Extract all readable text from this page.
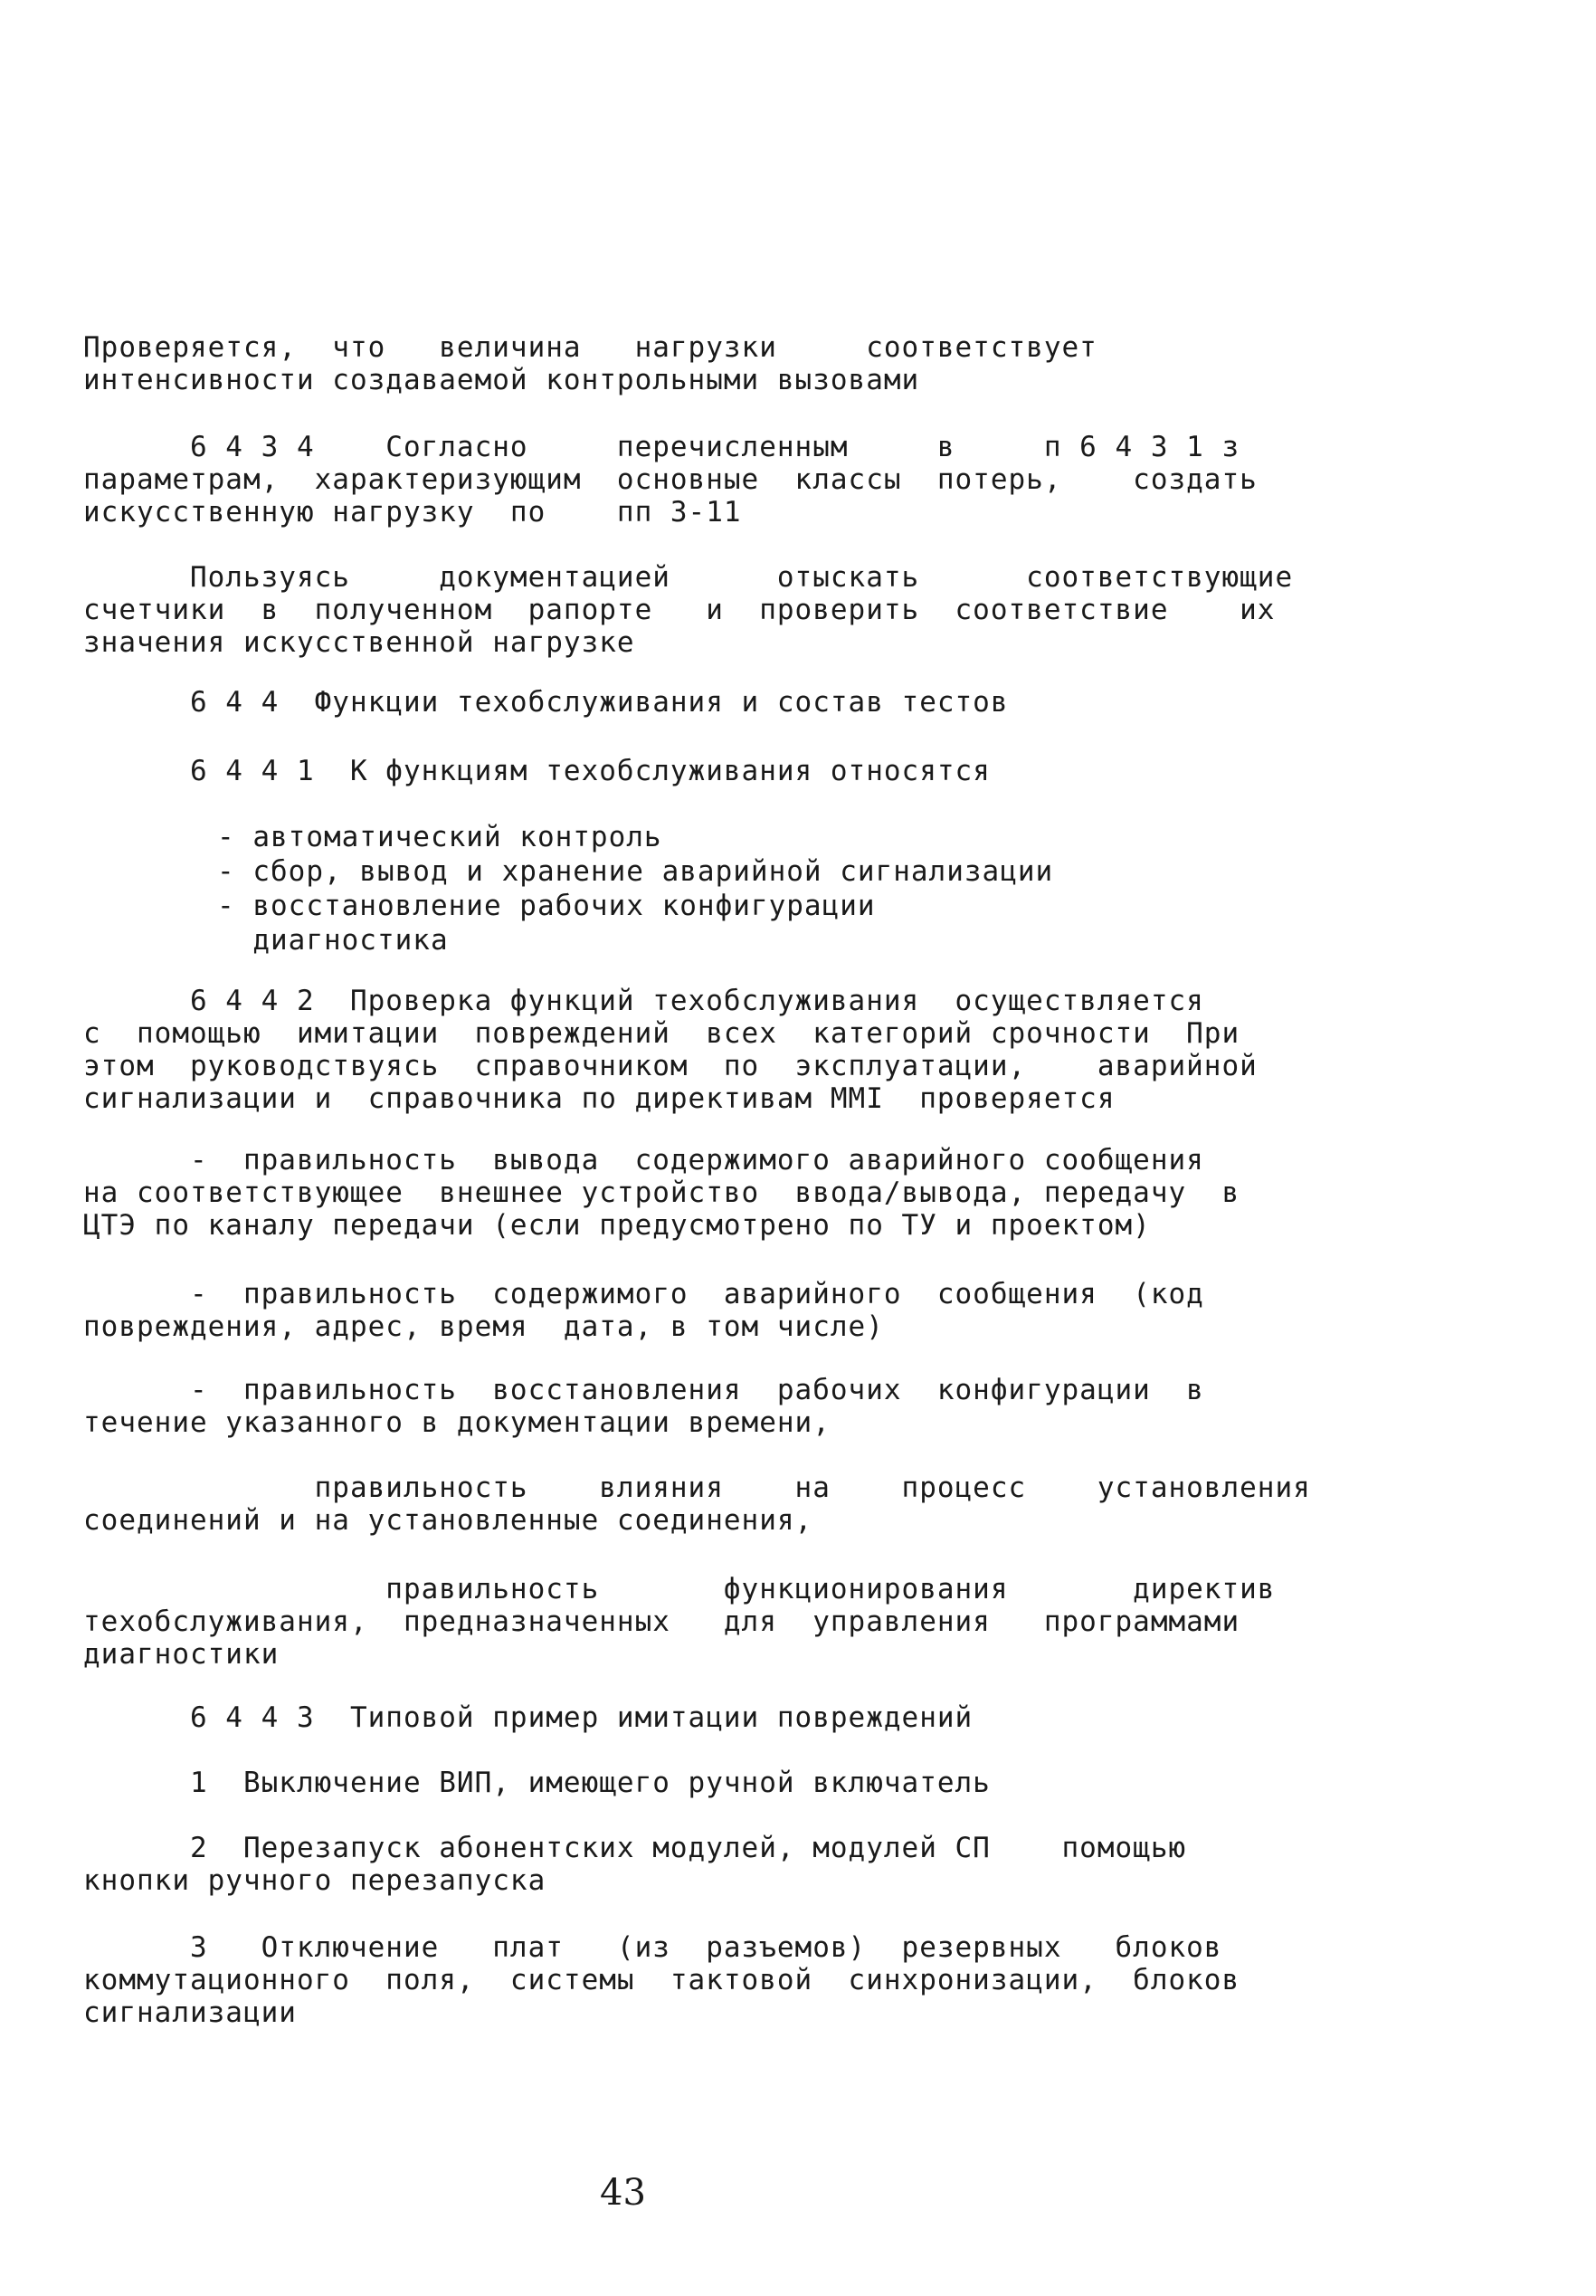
Проверяется,  что   величина   нагрузки     соответствует
интенсивности создаваемой контрольными вызовами
6 4 3 4    Согласно     перечисленным     в     п 6 4 3 1 з
параметрам,  характеризующим  основные  классы  потерь,    создать
искусственную нагрузку  по    пп 3-11
Пользуясь     документацией      отыскать      соответствующие
счетчики  в  полученном  рапорте   и  проверить  соответствие    их
значения искусственной нагрузке
6 4 4  Функции техобслуживания и состав тестов
6 4 4 1  К функциям техобслуживания относятся
- автоматический контроль
- сбор, вывод и хранение аварийной сигнализации
- восстановление рабочих конфигурации
диагностика
6 4 4 2  Проверка функций техобслуживания  осуществляется
с  помощью  имитации  повреждений  всех  категорий срочности  При
этом  руководствуясь  справочником  по  эксплуатации,    аварийной
сигнализации и  справочника по директивам MMI  проверяется
-  правильность  вывода  содержимого аварийного сообщения
на соответствующее  внешнее устройство  ввода/вывода, передачу  в
ЦТЭ по каналу передачи (если предусмотрено по ТУ и проектом)
-  правильность  содержимого  аварийного  сообщения  (код
повреждения, адрес, время  дата, в том числе)
-  правильность  восстановления  рабочих  конфигурации  в
течение указанного в документации времени,
правильность    влияния    на    процесс    установления
соединений и на установленные соединения,
правильность       функционирования       директив
техобслуживания,  предназначенных   для  управления   программами
диагностики
6 4 4 3  Типовой пример имитации повреждений
1  Выключение ВИП, имеющего ручной включатель
2  Перезапуск абонентских модулей, модулей СП    помощью
кнопки ручного перезапуска
3   Отключение   плат   (из  разъемов)  резервных   блоков
коммутационного  поля,  системы  тактовой  синхронизации,  блоков
сигнализации
43
